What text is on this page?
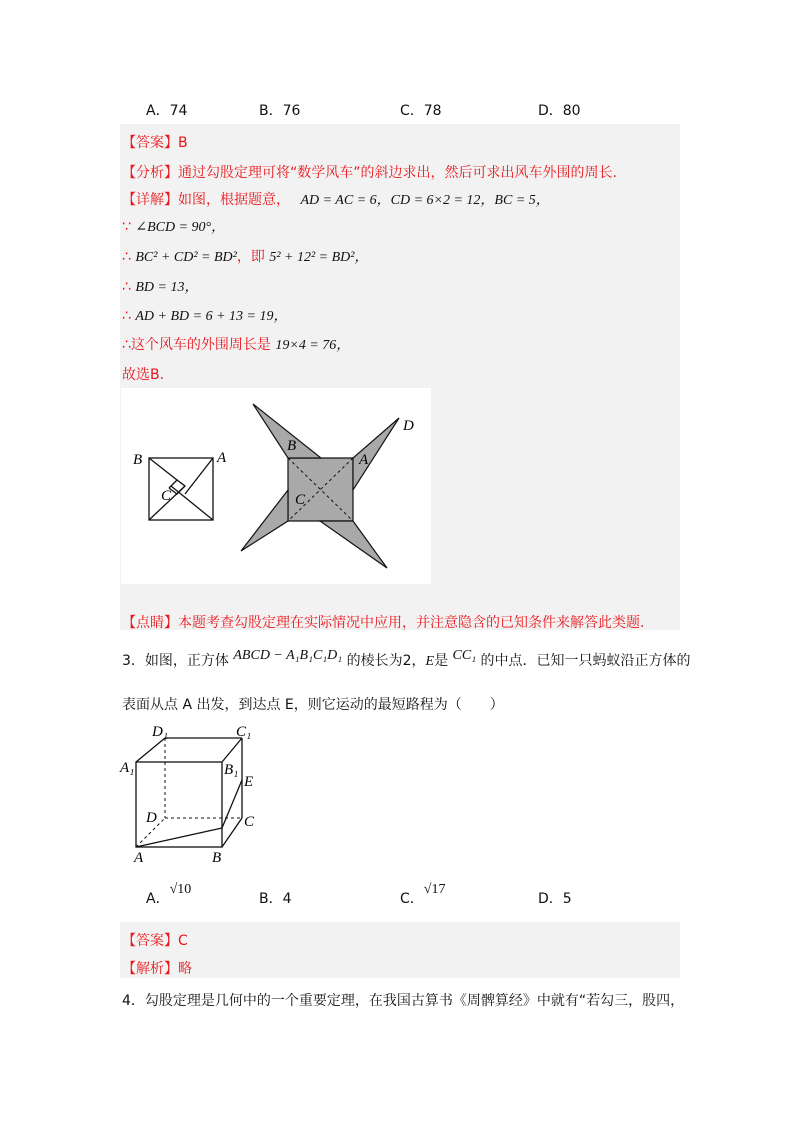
A．74	B．76	C．78	D．80
【答案】B
【分析】通过勾股定理可将“数学风车”的斜边求出，然后可求出风车外围的周长.
【详解】如图，根据题意， AD = AC = 6，CD = 6×2 = 12，BC = 5，
∵ ∠BCD = 90°，
∴ BC² + CD² = BD²，即 5² + 12² = BD²，
∴ BD = 13，
∴ AD + BD = 6 + 13 = 19，
∴这个风车的外围周长是 19×4 = 76，
故选B.
B	A
C
B
A
C
D
【点睛】本题考查勾股定理在实际情况中应用，并注意隐含的已知条件来解答此类题.
3．如图，正方体 ABCD − A₁B₁C₁D₁ 的棱长为2，E是 CC₁ 的中点．已知一只蚂蚁沿正方体的
表面从点 A 出发，到达点 E，则它运动的最短路程为（　　）
D₁	C₁
A₁	B₁
E
D	C
A	B
A．√10
B．4	C．√17
D．5
【答案】C
【解析】略
4．勾股定理是几何中的一个重要定理，在我国古算书《周髀算经》中就有“若勾三，股四，
